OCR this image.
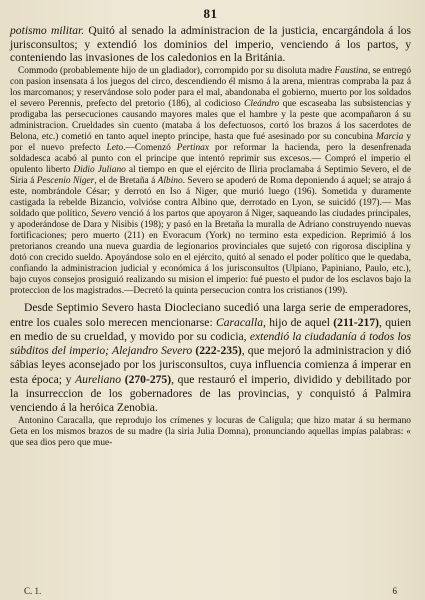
81

potismo militar. Quitó al senado la administracion de la justicia, encargándola á los jurisconsultos; y extendió los dominios del imperio, venciendo á los partos, y conteniendo las invasiones de los caledonios en la Británia.

Commodo (probablemente hijo de un gladiador), corrompido por su disoluta madre Faustina, se entregó con pasion insensata á los juegos del circo, descendiendo él mismo á la arena, mientras compraba la paz á los marcomanos; y reservándose solo poder para el mal, abandonaba el gobierno, muerto por los soldados el severo Perennis, prefecto del pretorio (186), al codicioso Cleándro que escaseaba las subsistencias y prodigaba las persecuciones causando mayores males que el hambre y la peste que acompañaron á su administracion. Crueldades sin cuento (mataba á los defectuosos, cortó los brazos á los sacerdotes de Belona, etc.) cometió en tanto aquel inepto principe, hasta que fué asesinado por su concubina Marcia y por el nuevo prefecto Leto.—Comenzó Pertinax por reformar la hacienda, pero la desenfrenada soldadesca acabó al punto con el principe que intentó reprimir sus excesos.— Compró el imperio el opulento liberto Didio Juliano al tiempo en que el ejército de Iliria proclamaba á Septimio Severo, el de Siria á Pescenio Niger, el de Bretaña á Albino. Severo se apoderó de Roma deponiendo á aquel; se atrajo á este, nombrándole César; y derrotó en Iso á Niger, que murió luego (196). Sometida y duramente castigada la rebelde Bizancio, volvióse contra Albino que, derrotado en Lyon, se suicidó (197).— Mas soldado que político, Severo venció á los partos que apoyaron á Niger, saqueando las ciudades principales, y apoderándose de Dara y Nisibis (198); y pasó en la Bretaña la muralla de Adriano construyendo nuevas fortificaciones; pero muerto (211) en Evoracum (York) no termino esta expedicion. Reprimió á los pretorianos creando una nueva guardia de legionarios provinciales que sujetó con rigorosa disciplina y dotó con crecido sueldo. Apoyándose solo en el ejército, quitó al senado el poder político que le quedaba, confiando la administracion judicial y económica á los jurisconsultos (Ulpiano, Papiniano, Paulo, etc.), bajo cuyos consejos prosiguió realizando su mision el imperio: fué puesto el pudor de los esclavos bajo la proteccion de los magistrados.—Decretó la quinta persecucion contra los cristianos (199).

Desde Septimio Severo hasta Diocleciano sucedió una larga serie de emperadores, entre los cuales solo merecen mencionarse: Caracalla, hijo de aquel (211-217), quien en medio de su crueldad, y movido por su codicia, extendió la ciudadanía á todos los súbditos del imperio; Alejandro Severo (222-235), que mejoró la administracion y dió sábias leyes aconsejado por los jurisconsultos, cuya influencia comienza á imperar en esta época; y Aureliano (270-275), que restauró el imperio, dividido y debilitado por la insurreccion de los gobernadores de las provincias, y conquistó á Palmira venciendo á la heróica Zenobia.

Antonino Caracalla, que reprodujo los crímenes y locuras de Calígula; que hizo matar á su hermano Geta en los mismos brazos de su madre (la siria Julia Domna), pronunciando aquellas impías palabras: « que sea dios pero que mue-

C. 1.	6
